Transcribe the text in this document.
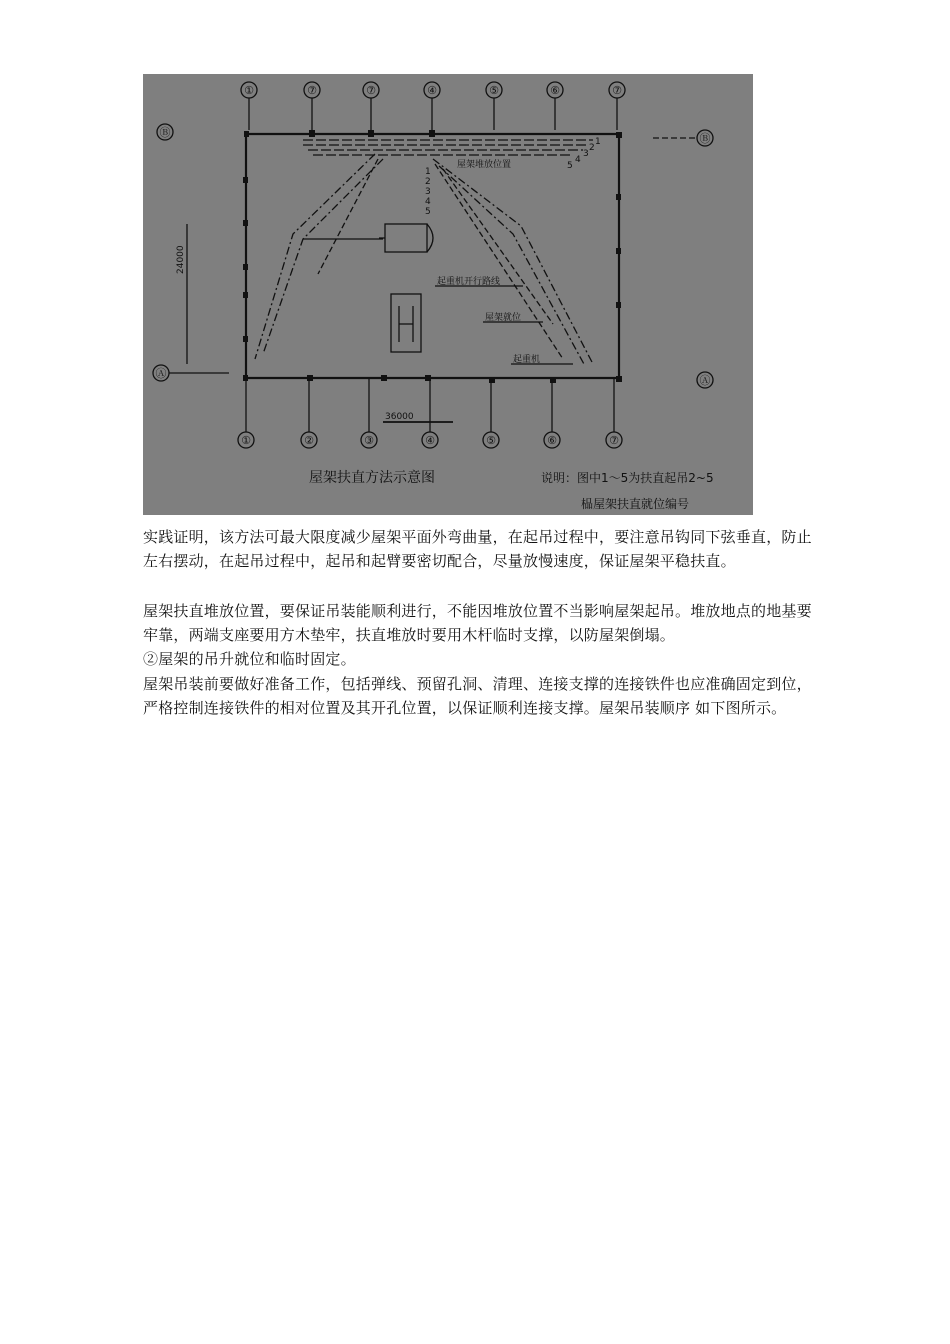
①	⑦	⑦	④	⑤	⑥	⑦
①	②	③	④	⑤	⑥	⑦
Ⓑ
Ⓐ
Ⓑ
Ⓐ
24000
36000
1
2
3
4
5
1
2
3
4
5
屋架堆放位置
起重机开行路线
屋架就位
起重机
屋架扶直方法示意图	说明：图中1～5为扶直起吊2~5
榀屋架扶直就位编号

实践证明，该方法可最大限度减少屋架平面外弯曲量，在起吊过程中，要注意吊钩同下弦垂直，防止左右摆动，在起吊过程中，起吊和起臂要密切配合，尽量放慢速度，保证屋架平稳扶直。

屋架扶直堆放位置，要保证吊装能顺利进行，不能因堆放位置不当影响屋架起吊。堆放地点的地基要牢靠，两端支座要用方木垫牢，扶直堆放时要用木杆临时支撑，以防屋架倒塌。

②屋架的吊升就位和临时固定。

屋架吊装前要做好准备工作，包括弹线、预留孔洞、清理、连接支撑的连接铁件也应准确固定到位，严格控制连接铁件的相对位置及其开孔位置，以保证顺利连接支撑。屋架吊装顺序 如下图所示。
